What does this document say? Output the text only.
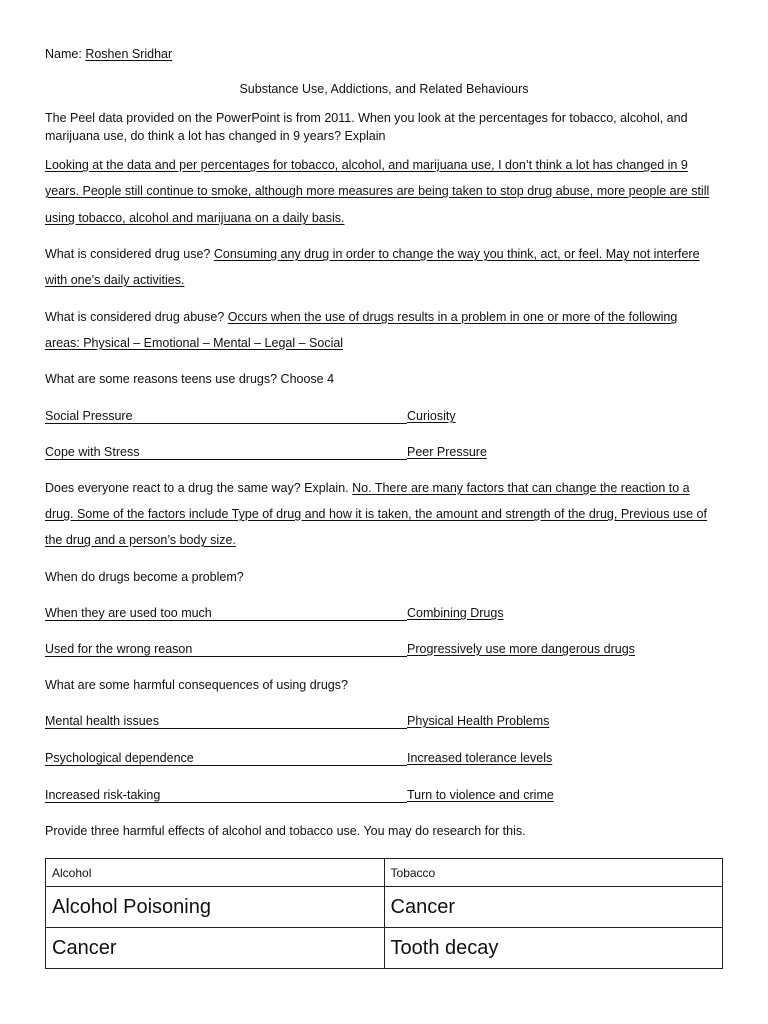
Name: Roshen Sridhar
Substance Use, Addictions, and Related Behaviours
The Peel data provided on the PowerPoint is from 2011. When you look at the percentages for tobacco, alcohol, and
marijuana use, do think a lot has changed in 9 years? Explain
Looking at the data and per percentages for tobacco, alcohol, and marijuana use, I don’t think a lot has changed in 9
years. People still continue to smoke, although more measures are being taken to stop drug abuse, more people are still
using tobacco, alcohol and marijuana on a daily basis.
What is considered drug use? Consuming any drug in order to change the way you think, act, or feel. May not interfere
with one’s daily activities.
What is considered drug abuse? Occurs when the use of drugs results in a problem in one or more of the following
areas: Physical – Emotional – Mental – Legal – Social
What are some reasons teens use drugs? Choose 4
Social Pressure	Curiosity
Cope with Stress	Peer Pressure
Does everyone react to a drug the same way? Explain. No. There are many factors that can change the reaction to a
drug. Some of the factors include Type of drug and how it is taken, the amount and strength of the drug, Previous use of
the drug and a person’s body size.
When do drugs become a problem?
When they are used too much	Combining Drugs
Used for the wrong reason	Progressively use more dangerous drugs
What are some harmful consequences of using drugs?
Mental health issues	Physical Health Problems
Psychological dependence	Increased tolerance levels
Increased risk-taking	Turn to violence and crime
Provide three harmful effects of alcohol and tobacco use. You may do research for this.
Alcohol	Tobacco
Alcohol Poisoning	Cancer
Cancer	Tooth decay
